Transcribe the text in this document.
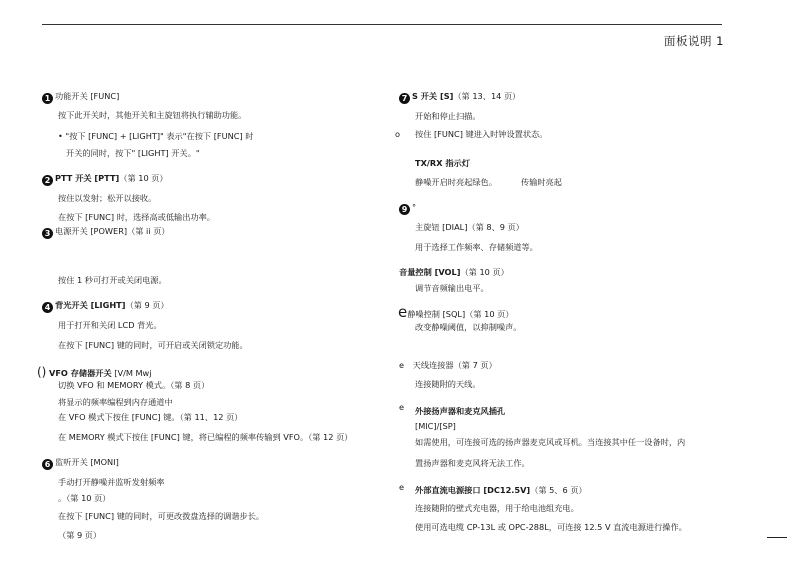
面板说明 1
1 功能开关 [FUNC]
按下此开关时，其他开关和主旋钮将执行辅助功能。
• "按下 [FUNC] + [LIGHT]" 表示"在按下 [FUNC] 时
开关的同时，按下" [LIGHT] 开关。"
2 PTT 开关 [PTT]（第 10 页）
按住以发射；松开以接收。
在按下 [FUNC] 时，选择高或低输出功率。
3 电源开关 [POWER]（第 ii 页）
按住 1 秒可打开或关闭电源。
4 背光开关 [LIGHT]（第 9 页）
用于打开和关闭 LCD 背光。
在按下 [FUNC] 键的同时，可开启或关闭锁定功能。
() VFO 存储器开关 [V/M Mwj
切换 VFO 和 MEMORY 模式。（第 8 页）
将显示的频率编程到内存通道中
在 VFO 模式下按住 [FUNC] 键。（第 11、12 页）
在 MEMORY 模式下按住 [FUNC] 键，将已编程的频率传输到 VFO。（第 12 页）
6 监听开关 [MONI]
手动打开静噪并监听发射频率
。（第 10 页）
在按下 [FUNC] 键的同时，可更改拨盘选择的调谐步长。
（第 9 页）
7 S 开关 [S]（第 13、14 页）
开始和停止扫描。
o 按住 [FUNC] 键进入时钟设置状态。
TX/RX 指示灯
静噪开启时亮起绿色。	传输时亮起
9 °
主旋钮 [DIAL]（第 8、9 页）
用于选择工作频率、存储频道等。
音量控制 [VOL]（第 10 页）
调节音频输出电平。
e静噪控制 [SQL]（第 10 页）
改变静噪阈值，以抑制噪声。
e 天线连接器（第 7 页）
连接随附的天线。
e 外接扬声器和麦克风插孔
[MIC]/[SP]
如需使用，可连接可选的扬声器麦克风或耳机。当连接其中任一设备时，内
置扬声器和麦克风将无法工作。
e 外部直流电源接口 [DC12.5V]（第 5、6 页）
连接随附的壁式充电器，用于给电池组充电。
使用可选电缆 CP-13L 或 OPC-288L，可连接 12.5 V 直流电源进行操作。
